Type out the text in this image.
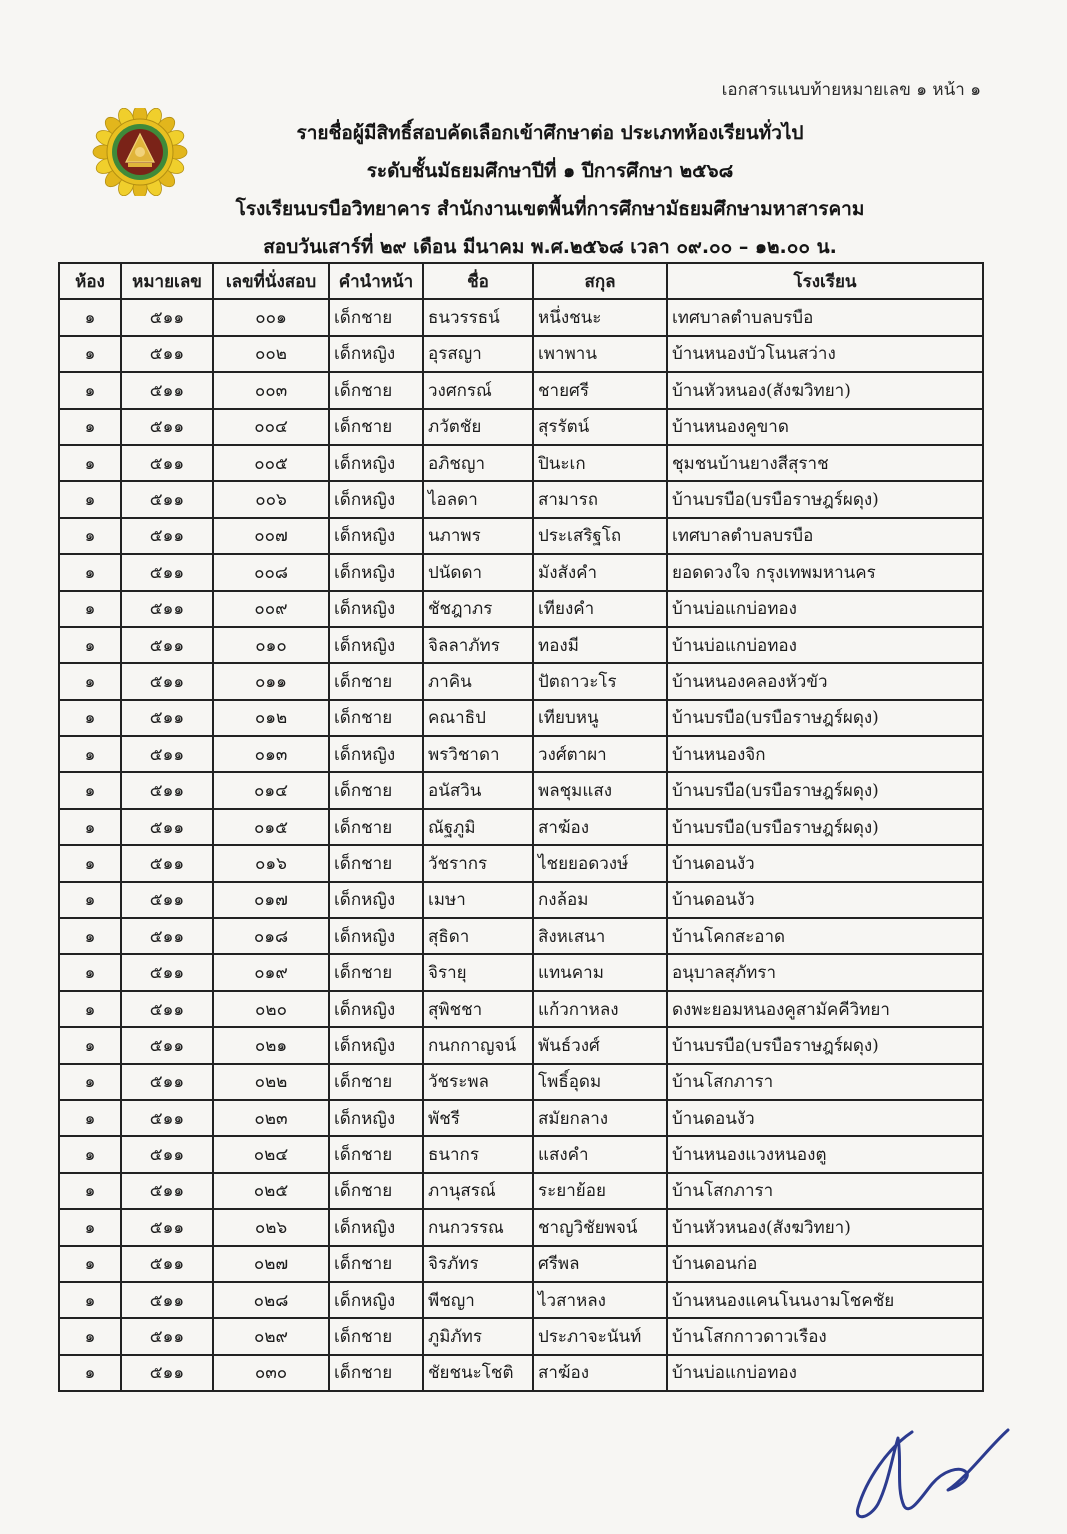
เอกสารแนบท้ายหมายเลข ๑ หน้า ๑
รายชื่อผู้มีสิทธิ์สอบคัดเลือกเข้าศึกษาต่อ ประเภทห้องเรียนทั่วไป
ระดับชั้นมัธยมศึกษาปีที่ ๑ ปีการศึกษา ๒๕๖๘
โรงเรียนบรบือวิทยาคาร สำนักงานเขตพื้นที่การศึกษามัธยมศึกษามหาสารคาม
สอบวันเสาร์ที่ ๒๙ เดือน มีนาคม พ.ศ.๒๕๖๘ เวลา ๐๙.๐๐ – ๑๒.๐๐ น.
ห้อง	หมายเลข	เลขที่นั่งสอบ	คำนำหน้า	ชื่อ	สกุล	โรงเรียน
๑	๕๑๑	๐๐๑	เด็กชาย	ธนวรรธน์	หนึ่งชนะ	เทศบาลตำบลบรบือ
๑	๕๑๑	๐๐๒	เด็กหญิง	อุรสญา	เพาพาน	บ้านหนองบัวโนนสว่าง
๑	๕๑๑	๐๐๓	เด็กชาย	วงศกรณ์	ชายศรี	บ้านหัวหนอง(สังฆวิทยา)
๑	๕๑๑	๐๐๔	เด็กชาย	ภวัตชัย	สุรรัตน์	บ้านหนองคูขาด
๑	๕๑๑	๐๐๕	เด็กหญิง	อภิชญา	ปินะเก	ชุมชนบ้านยางสีสุราช
๑	๕๑๑	๐๐๖	เด็กหญิง	ไอลดา	สามารถ	บ้านบรบือ(บรบือราษฎร์ผดุง)
๑	๕๑๑	๐๐๗	เด็กหญิง	นภาพร	ประเสริฐโถ	เทศบาลตำบลบรบือ
๑	๕๑๑	๐๐๘	เด็กหญิง	ปนัดดา	มังสังคำ	ยอดดวงใจ กรุงเทพมหานคร
๑	๕๑๑	๐๐๙	เด็กหญิง	ชัชฎาภร	เทียงคำ	บ้านบ่อแกบ่อทอง
๑	๕๑๑	๐๑๐	เด็กหญิง	จิลลาภัทร	ทองมี	บ้านบ่อแกบ่อทอง
๑	๕๑๑	๐๑๑	เด็กชาย	ภาคิน	ปัตถาวะโร	บ้านหนองคลองหัวขัว
๑	๕๑๑	๐๑๒	เด็กชาย	คณาธิป	เทียบหนู	บ้านบรบือ(บรบือราษฎร์ผดุง)
๑	๕๑๑	๐๑๓	เด็กหญิง	พรวิชาดา	วงศ์ตาผา	บ้านหนองจิก
๑	๕๑๑	๐๑๔	เด็กชาย	อนัสวิน	พลชุมแสง	บ้านบรบือ(บรบือราษฎร์ผดุง)
๑	๕๑๑	๐๑๕	เด็กชาย	ณัฐภูมิ	สาฆ้อง	บ้านบรบือ(บรบือราษฎร์ผดุง)
๑	๕๑๑	๐๑๖	เด็กชาย	วัชรากร	ไชยยอดวงษ์	บ้านดอนงัว
๑	๕๑๑	๐๑๗	เด็กหญิง	เมษา	กงล้อม	บ้านดอนงัว
๑	๕๑๑	๐๑๘	เด็กหญิง	สุธิดา	สิงหเสนา	บ้านโคกสะอาด
๑	๕๑๑	๐๑๙	เด็กชาย	จิรายุ	แทนคาม	อนุบาลสุภัทรา
๑	๕๑๑	๐๒๐	เด็กหญิง	สุพิชชา	แก้วกาหลง	ดงพะยอมหนองคูสามัคคีวิทยา
๑	๕๑๑	๐๒๑	เด็กหญิง	กนกกาญจน์	พันธ์วงศ์	บ้านบรบือ(บรบือราษฎร์ผดุง)
๑	๕๑๑	๐๒๒	เด็กชาย	วัชระพล	โพธิ์อุดม	บ้านโสกภารา
๑	๕๑๑	๐๒๓	เด็กหญิง	พัชรี	สมัยกลาง	บ้านดอนงัว
๑	๕๑๑	๐๒๔	เด็กชาย	ธนากร	แสงคำ	บ้านหนองแวงหนองตู
๑	๕๑๑	๐๒๕	เด็กชาย	ภานุสรณ์	ระยาย้อย	บ้านโสกภารา
๑	๕๑๑	๐๒๖	เด็กหญิง	กนกวรรณ	ชาญวิชัยพจน์	บ้านหัวหนอง(สังฆวิทยา)
๑	๕๑๑	๐๒๗	เด็กชาย	จิรภัทร	ศรีพล	บ้านดอนก่อ
๑	๕๑๑	๐๒๘	เด็กหญิง	พีชญา	ไวสาหลง	บ้านหนองแคนโนนงามโชคชัย
๑	๕๑๑	๐๒๙	เด็กชาย	ภูมิภัทร	ประภาจะนันท์	บ้านโสกกาวดาวเรือง
๑	๕๑๑	๐๓๐	เด็กชาย	ชัยชนะโชติ	สาฆ้อง	บ้านบ่อแกบ่อทอง
